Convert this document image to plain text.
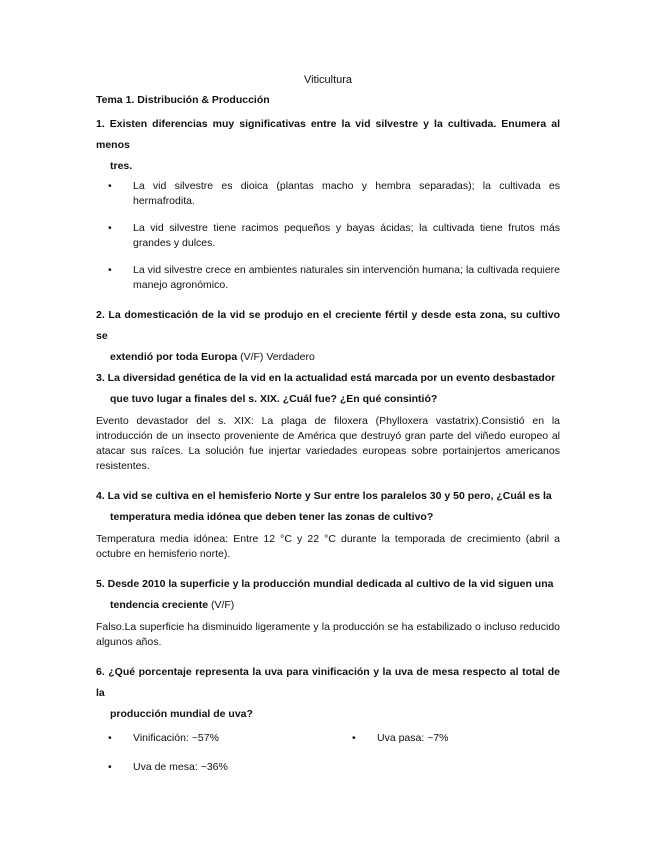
Viticultura
Tema 1. Distribución & Producción
1. Existen diferencias muy significativas entre la vid silvestre y la cultivada. Enumera al menos
tres.
• La vid silvestre es dioica (plantas macho y hembra separadas); la cultivada es hermafrodita.
• La vid silvestre tiene racimos pequeños y bayas ácidas; la cultivada tiene frutos más grandes y dulces.
• La vid silvestre crece en ambientes naturales sin intervención humana; la cultivada requiere manejo agronómico.
2. La domesticación de la vid se produjo en el creciente fértil y desde esta zona, su cultivo se
extendió por toda Europa (V/F) Verdadero
3. La diversidad genética de la vid en la actualidad está marcada por un evento desbastador
que tuvo lugar a finales del s. XIX. ¿Cuál fue? ¿En qué consintió?
Evento devastador del s. XIX: La plaga de filoxera (Phylloxera vastatrix).Consistió en la introducción de un insecto proveniente de América que destruyó gran parte del viñedo europeo al atacar sus raíces. La solución fue injertar variedades europeas sobre portainjertos americanos resistentes.
4. La vid se cultiva en el hemisferio Norte y Sur entre los paralelos 30 y 50 pero, ¿Cuál es la
temperatura media idónea que deben tener las zonas de cultivo?
Temperatura media idónea: Entre 12 °C y 22 °C durante la temporada de crecimiento (abril a octubre en hemisferio norte).
5. Desde 2010 la superficie y la producción mundial dedicada al cultivo de la vid siguen una
tendencia creciente (V/F)
Falso.La superficie ha disminuido ligeramente y la producción se ha estabilizado o incluso reducido algunos años.
6. ¿Qué porcentaje representa la uva para vinificación y la uva de mesa respecto al total de la
producción mundial de uva?
• Vinificación: ~57%
•	Uva pasa: ~7%
• Uva de mesa: ~36%
